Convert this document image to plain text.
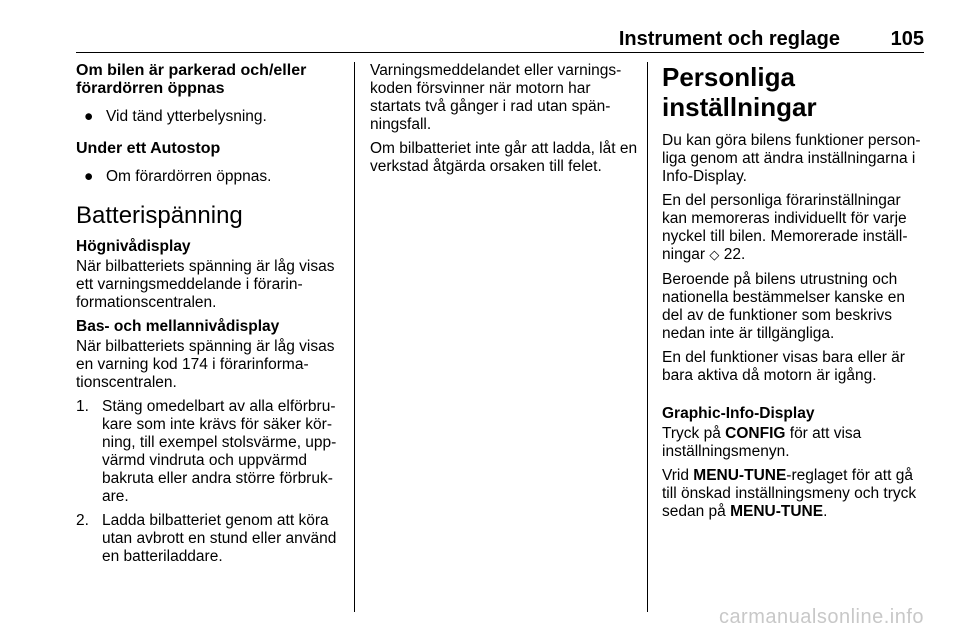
Instrument och reglage	105
Om bilen är parkerad och/eller förardörren öppnas
● Vid tänd ytterbelysning.
Under ett Autostop
● Om förardörren öppnas.
Batterispänning
Högnivådisplay

När bilbatteriets spänning är låg visas ett varningsmeddelande i förarinformationscentralen.

Bas- och mellannivådisplay

När bilbatteriets spänning är låg visas en varning kod 174 i förarinformationscentralen.

1. Stäng omedelbart av alla elförbrukare som inte krävs för säker körning, till exempel stolsvärme, uppvärmd vindruta och uppvärmd bakruta eller andra större förbrukare.
2. Ladda bilbatteriet genom att köra utan avbrott en stund eller använd en batteriladdare.

Varningsmeddelandet eller varningskoden försvinner när motorn har startats två gånger i rad utan spänningsfall.

Om bilbatteriet inte går att ladda, låt en verkstad åtgärda orsaken till felet.

Personliga inställningar

Du kan göra bilens funktioner personliga genom att ändra inställningarna i Info-Display.

En del personliga förarinställningar kan memoreras individuellt för varje nyckel till bilen. Memorerade inställningar ◇ 22.

Beroende på bilens utrustning och nationella bestämmelser kanske en del av de funktioner som beskrivs nedan inte är tillgängliga.

En del funktioner visas bara eller är bara aktiva då motorn är igång.

Graphic-Info-Display

Tryck på CONFIG för att visa inställningsmenyn.

Vrid MENU-TUNE-reglaget för att gå till önskad inställningsmeny och tryck sedan på MENU-TUNE.

carmanualsonline.info
